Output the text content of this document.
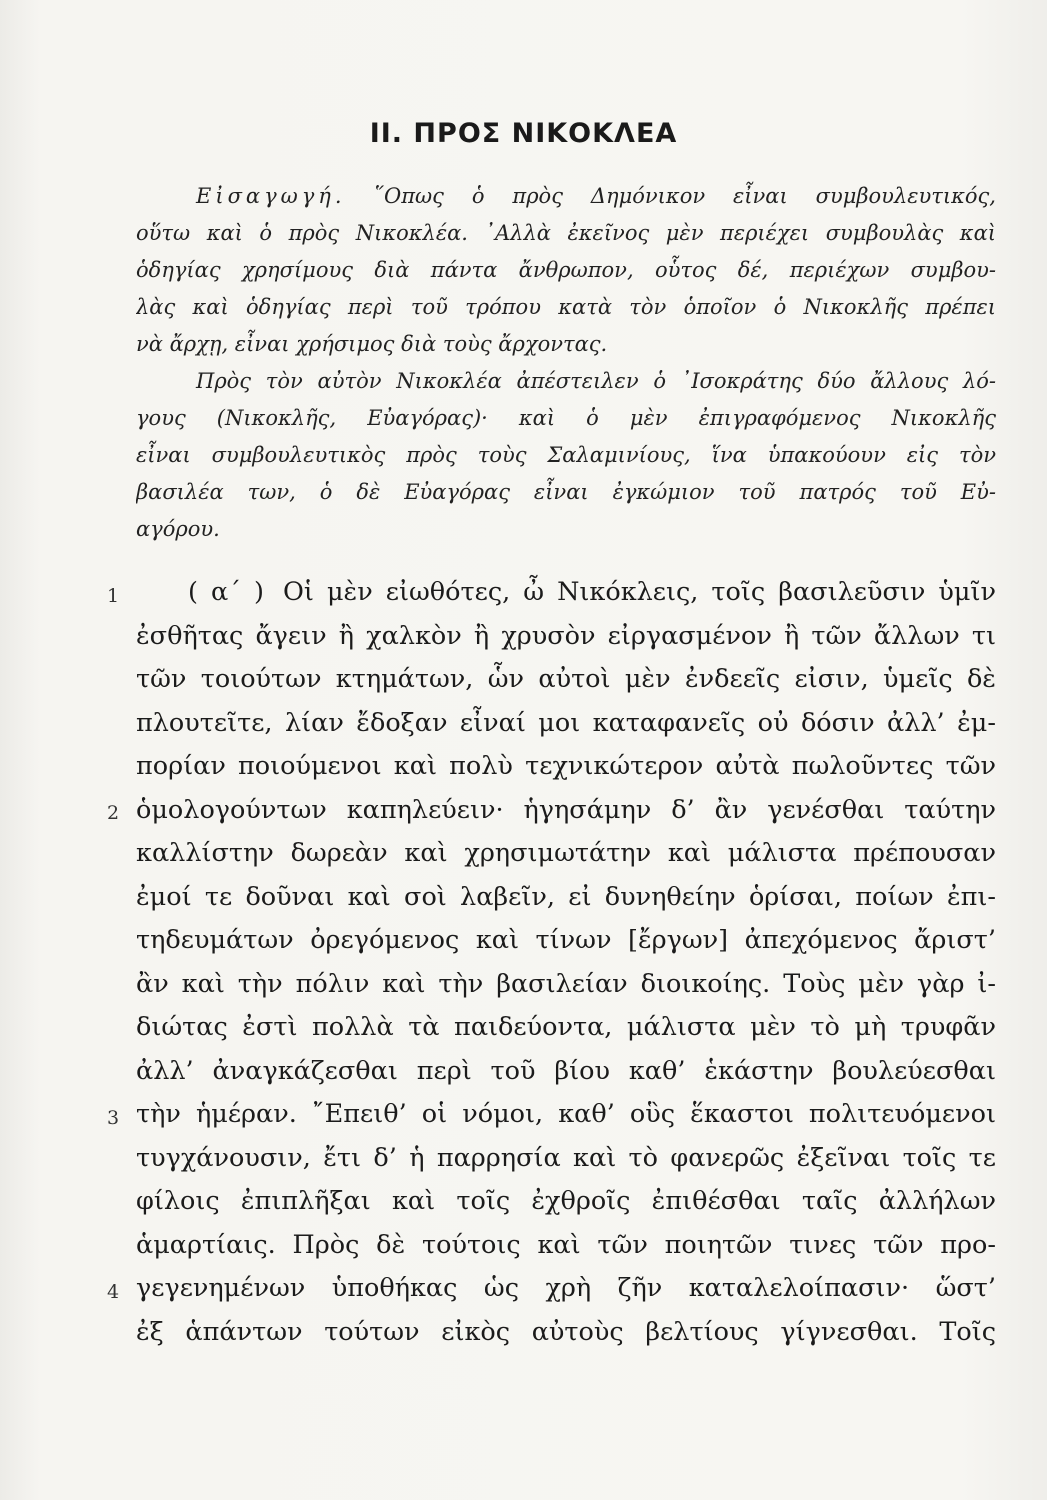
II. ΠΡΟΣ ΝΙΚΟΚΛΕΑ
Εἰσαγωγή. ῞Οπως ὁ πρὸς Δημόνικον εἶναι συμβουλευτικός,
οὕτω καὶ ὁ πρὸς Νικοκλέα. ᾿Αλλὰ ἐκεῖνος μὲν περιέχει συμβουλὰς καὶ
ὁδηγίας χρησίμους διὰ πάντα ἄνθρωπον, οὗτος δέ, περιέχων συμβου-
λὰς καὶ ὁδηγίας περὶ τοῦ τρόπου κατὰ τὸν ὁποῖον ὁ Νικοκλῆς πρέπει
νὰ ἄρχῃ, εἶναι χρήσιμος διὰ τοὺς ἄρχοντας.
Πρὸς τὸν αὐτὸν Νικοκλέα ἀπέστειλεν ὁ ᾿Ισοκράτης δύο ἄλλους λό-
γους (Νικοκλῆς, Εὐαγόρας)· καὶ ὁ μὲν ἐπιγραφόμενος Νικοκλῆς
εἶναι συμβουλευτικὸς πρὸς τοὺς Σαλαμινίους, ἵνα ὑπακούουν εἰς τὸν
βασιλέα των, ὁ δὲ Εὐαγόρας εἶναι ἐγκώμιον τοῦ πατρός τοῦ Εὐ-
αγόρου.
1
2
3
4
( α΄ ) Οἱ μὲν εἰωθότες, ὦ Νικόκλεις, τοῖς βασιλεῦσιν ὑμῖν
ἐσθῆτας ἄγειν ἢ χαλκὸν ἢ χρυσὸν εἰργασμένον ἢ τῶν ἄλλων τι
τῶν τοιούτων κτημάτων, ὧν αὐτοὶ μὲν ἐνδεεῖς εἰσιν, ὑμεῖς δὲ
πλουτεῖτε, λίαν ἔδοξαν εἶναί μοι καταφανεῖς οὐ δόσιν ἀλλ’ ἐμ-
πορίαν ποιούμενοι καὶ πολὺ τεχνικώτερον αὐτὰ πωλοῦντες τῶν
ὁμολογούντων καπηλεύειν· ἡγησάμην δ’ ἂν γενέσθαι ταύτην
καλλίστην δωρεὰν καὶ χρησιμωτάτην καὶ μάλιστα πρέπουσαν
ἐμοί τε δοῦναι καὶ σοὶ λαβεῖν, εἰ δυνηθείην ὁρίσαι, ποίων ἐπι-
τηδευμάτων ὀρεγόμενος καὶ τίνων [ἔργων] ἀπεχόμενος ἄριστ’
ἂν καὶ τὴν πόλιν καὶ τὴν βασιλείαν διοικοίης. Τοὺς μὲν γὰρ ἰ-
διώτας ἐστὶ πολλὰ τὰ παιδεύοντα, μάλιστα μὲν τὸ μὴ τρυφᾶν
ἀλλ’ ἀναγκάζεσθαι περὶ τοῦ βίου καθ’ ἑκάστην βουλεύεσθαι
τὴν ἡμέραν. ῎Επειθ’ οἱ νόμοι, καθ’ οὓς ἕκαστοι πολιτευόμενοι
τυγχάνουσιν, ἔτι δ’ ἡ παρρησία καὶ τὸ φανερῶς ἐξεῖναι τοῖς τε
φίλοις ἐπιπλῆξαι καὶ τοῖς ἐχθροῖς ἐπιθέσθαι ταῖς ἀλλήλων
ἁμαρτίαις. Πρὸς δὲ τούτοις καὶ τῶν ποιητῶν τινες τῶν προ-
γεγενημένων ὑποθήκας ὡς χρὴ ζῆν καταλελοίπασιν· ὥστ’
ἐξ ἁπάντων τούτων εἰκὸς αὐτοὺς βελτίους γίγνεσθαι. Τοῖς
